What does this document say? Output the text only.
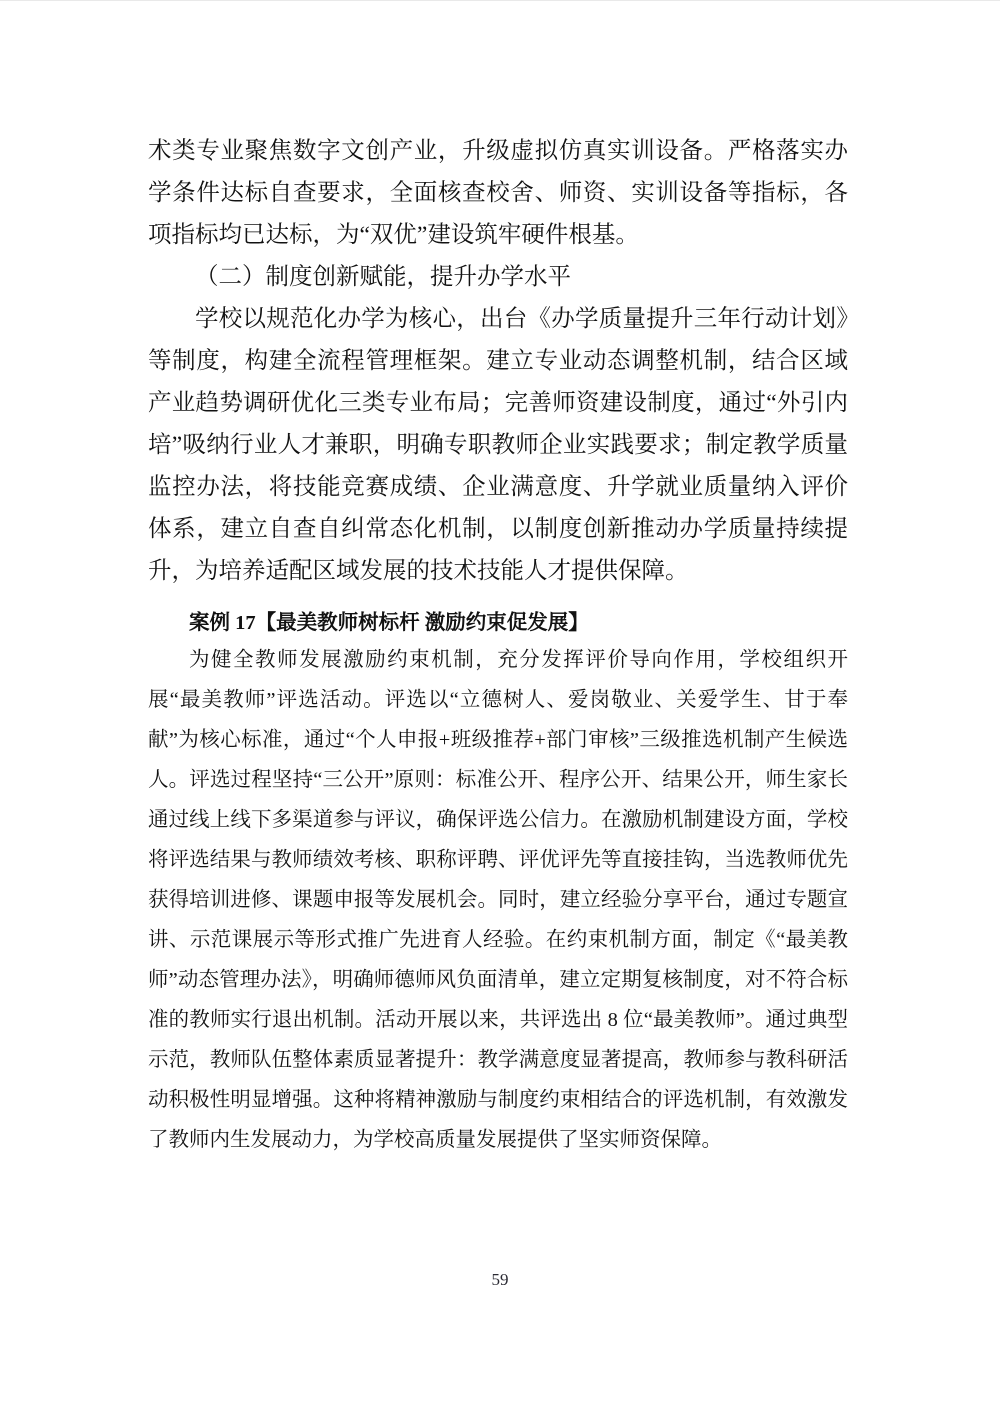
术类专业聚焦数字文创产业，升级虚拟仿真实训设备。严格落实办学条件达标自查要求，全面核查校舍、师资、实训设备等指标，各项指标均已达标，为“双优”建设筑牢硬件根基。

（二）制度创新赋能，提升办学水平

学校以规范化办学为核心，出台《办学质量提升三年行动计划》等制度，构建全流程管理框架。建立专业动态调整机制，结合区域产业趋势调研优化三类专业布局；完善师资建设制度，通过“外引内培”吸纳行业人才兼职，明确专职教师企业实践要求；制定教学质量监控办法，将技能竞赛成绩、企业满意度、升学就业质量纳入评价体系，建立自查自纠常态化机制，以制度创新推动办学质量持续提升，为培养适配区域发展的技术技能人才提供保障。

案例 17【最美教师树标杆 激励约束促发展】

为健全教师发展激励约束机制，充分发挥评价导向作用，学校组织开展“最美教师”评选活动。评选以“立德树人、爱岗敬业、关爱学生、甘于奉献”为核心标准，通过“个人申报+班级推荐+部门审核”三级推选机制产生候选人。评选过程坚持“三公开”原则：标准公开、程序公开、结果公开，师生家长通过线上线下多渠道参与评议，确保评选公信力。在激励机制建设方面，学校将评选结果与教师绩效考核、职称评聘、评优评先等直接挂钩，当选教师优先获得培训进修、课题申报等发展机会。同时，建立经验分享平台，通过专题宣讲、示范课展示等形式推广先进育人经验。在约束机制方面，制定《“最美教师”动态管理办法》，明确师德师风负面清单，建立定期复核制度，对不符合标准的教师实行退出机制。活动开展以来，共评选出 8 位“最美教师”。通过典型示范，教师队伍整体素质显著提升：教学满意度显著提高，教师参与教科研活动积极性明显增强。这种将精神激励与制度约束相结合的评选机制，有效激发了教师内生发展动力，为学校高质量发展提供了坚实师资保障。

59
